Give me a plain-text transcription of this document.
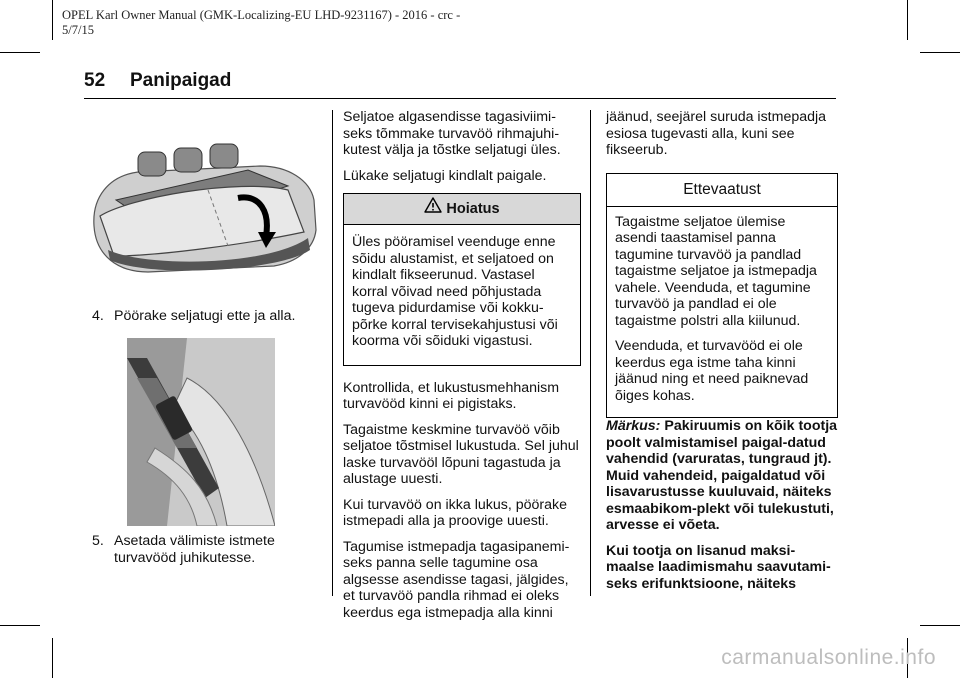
OPEL Karl Owner Manual (GMK-Localizing-EU LHD-9231167) - 2016 - crc -
5/7/15
52 Panipaigad
4. Pöörake seljatugi ette ja alla.
5. Asetada välimiste istmete turvavööd juhikutesse.

Seljatoe algasendisse tagasiviimi-seks tõmmake turvavöö rihmajuhi-kutest välja ja tõstke seljatugi üles.

Lükake seljatugi kindlalt paigale.

Hoiatus

Üles pööramisel veenduge enne sõidu alustamist, et seljatoed on kindlalt fikseerunud. Vastasel korral võivad need põhjustada tugeva pidurdamise või kokku-põrke korral tervisekahjustusi või koorma või sõiduki vigastusi.

Kontrollida, et lukustusmehhanism turvavööd kinni ei pigistaks.

Tagaistme keskmine turvavöö võib seljatoe tõstmisel lukustuda. Sel juhul laske turvavööl lõpuni tagastuda ja alustage uuesti.

Kui turvavöö on ikka lukus, pöörake istmepadi alla ja proovige uuesti.

Tagumise istmepadja tagasipanemi-seks panna selle tagumine osa algsesse asendisse tagasi, jälgides, et turvavöö pandla rihmad ei oleks keerdus ega istmepadja alla kinni

jäänud, seejärel suruda istmepadja esiosa tugevasti alla, kuni see fikseerub.

Ettevaatust

Tagaistme seljatoe ülemise asendi taastamisel panna tagumine turvavöö ja pandlad tagaistme seljatoe ja istmepadja vahele. Veenduda, et tagumine turvavöö ja pandlad ei ole tagaistme polstri alla kiilunud.

Veenduda, et turvavööd ei ole keerdus ega istme taha kinni jäänud ning et need paiknevad õiges kohas.

Märkus: Pakiruumis on kõik tootja poolt valmistamisel paigal-datud vahendid (varuratas, tungraud jt). Muid vahendeid, paigaldatud või lisavarustusse kuuluvaid, näiteks esmaabikom-plekt või tulekustuti, arvesse ei võeta.

Kui tootja on lisanud maksi-maalse laadimismahu saavutami-seks erifunktsioone, näiteks

carmanualsonline.info
